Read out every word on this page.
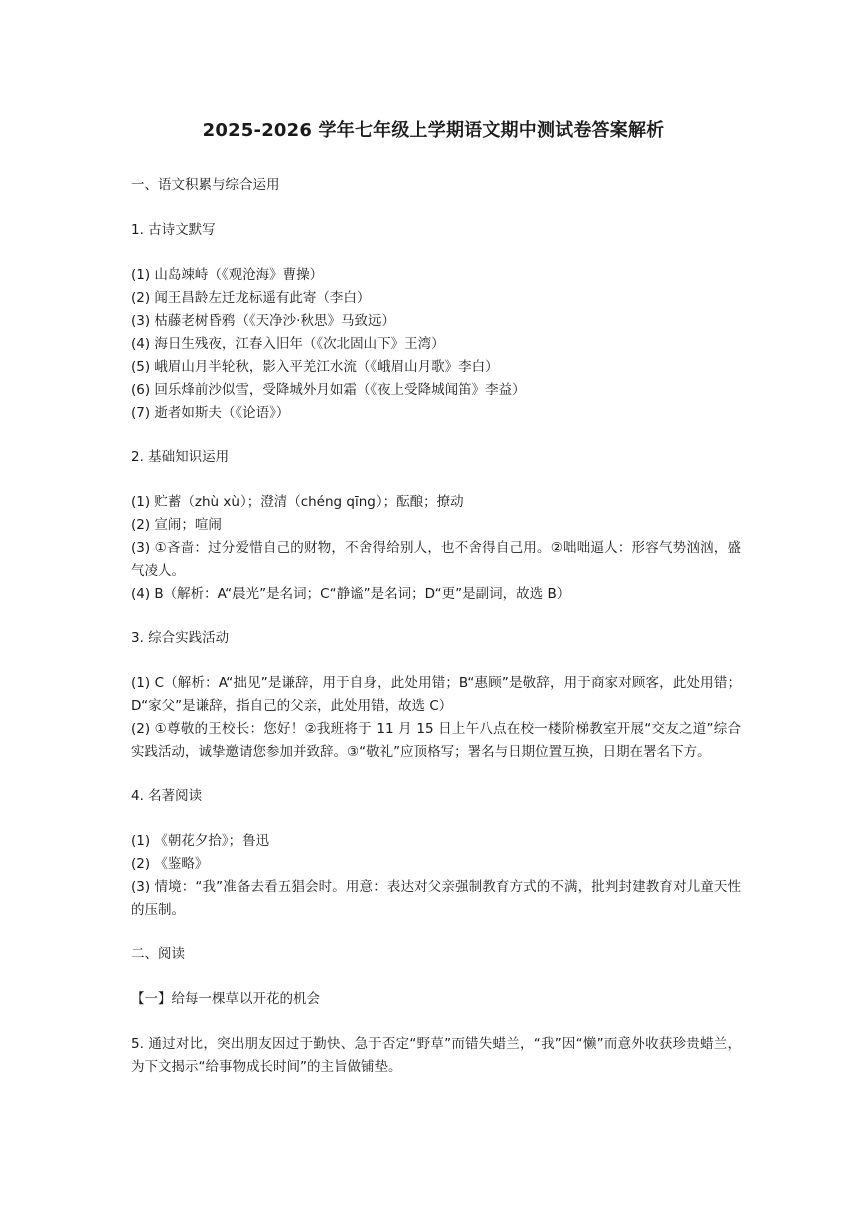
2025-2026 学年七年级上学期语文期中测试卷答案解析

一、语文积累与综合运用

1. 古诗文默写

(1) 山岛竦峙（《观沧海》曹操）

(2) 闻王昌龄左迁龙标遥有此寄（李白）

(3) 枯藤老树昏鸦（《天净沙·秋思》马致远）

(4) 海日生残夜，江春入旧年（《次北固山下》王湾）

(5) 峨眉山月半轮秋，影入平羌江水流（《峨眉山月歌》李白）

(6) 回乐烽前沙似雪，受降城外月如霜（《夜上受降城闻笛》李益）

(7) 逝者如斯夫（《论语》）

2. 基础知识运用

(1) 贮蓄（zhù xù）；澄清（chéng qīng）；酝酿；撩动

(2) 宣闹；喧闹

(3) ①吝啬：过分爱惜自己的财物，不舍得给别人，也不舍得自己用。②咄咄逼人：形容气势汹汹，盛气凌人。

(4) B（解析：A“晨光”是名词；C“静谧”是名词；D“更”是副词，故选 B）

3. 综合实践活动

(1) C（解析：A“拙见”是谦辞，用于自身，此处用错；B“惠顾”是敬辞，用于商家对顾客，此处用错；D“家父”是谦辞，指自己的父亲，此处用错，故选 C）

(2) ①尊敬的王校长：您好！②我班将于 11 月 15 日上午八点在校一楼阶梯教室开展“交友之道”综合实践活动，诚挚邀请您参加并致辞。③“敬礼”应顶格写；署名与日期位置互换，日期在署名下方。

4. 名著阅读

(1) 《朝花夕拾》；鲁迅

(2) 《鉴略》

(3) 情境：“我”准备去看五猖会时。用意：表达对父亲强制教育方式的不满，批判封建教育对儿童天性的压制。

二、阅读

【一】给每一棵草以开花的机会

5. 通过对比，突出朋友因过于勤快、急于否定“野草”而错失蜡兰，“我”因“懒”而意外收获珍贵蜡兰，为下文揭示“给事物成长时间”的主旨做铺垫。
